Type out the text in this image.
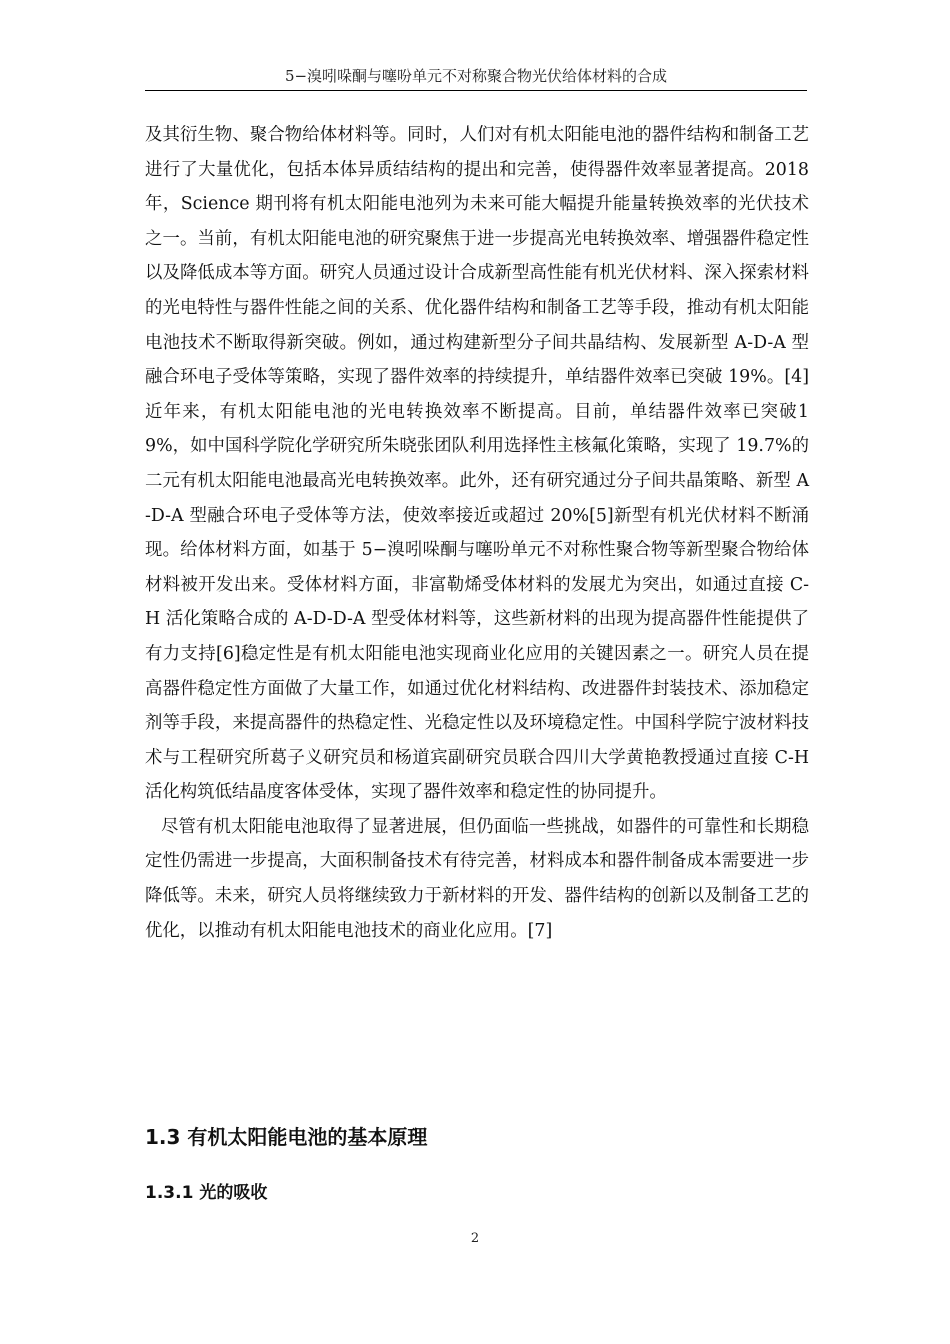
5−溴吲哚酮与噻吩单元不对称聚合物光伏给体材料的合成

及其衍生物、聚合物给体材料等。同时，人们对有机太阳能电池的器件结构和制备工艺进行了大量优化，包括本体异质结结构的提出和完善，使得器件效率显著提高。2018 年，Science 期刊将有机太阳能电池列为未来可能大幅提升能量转换效率的光伏技术之一。当前，有机太阳能电池的研究聚焦于进一步提高光电转换效率、增强器件稳定性以及降低成本等方面。研究人员通过设计合成新型高性能有机光伏材料、深入探索材料的光电特性与器件性能之间的关系、优化器件结构和制备工艺等手段，推动有机太阳能电池技术不断取得新突破。例如，通过构建新型分子间共晶结构、发展新型 A-D-A 型融合环电子受体等策略，实现了器件效率的持续提升，单结器件效率已突破 19%。[4]近年来，有机太阳能电池的光电转换效率不断提高。目前，单结器件效率已突破19%，如中国科学院化学研究所朱晓张团队利用选择性主核氟化策略，实现了 19.7%的二元有机太阳能电池最高光电转换效率。此外，还有研究通过分子间共晶策略、新型 A-D-A 型融合环电子受体等方法，使效率接近或超过 20%[5]新型有机光伏材料不断涌现。给体材料方面，如基于 5−溴吲哚酮与噻吩单元不对称性聚合物等新型聚合物给体材料被开发出来。受体材料方面，非富勒烯受体材料的发展尤为突出，如通过直接 C-H 活化策略合成的 A-D-D-A 型受体材料等，这些新材料的出现为提高器件性能提供了有力支持[6]稳定性是有机太阳能电池实现商业化应用的关键因素之一。研究人员在提高器件稳定性方面做了大量工作，如通过优化材料结构、改进器件封装技术、添加稳定剂等手段，来提高器件的热稳定性、光稳定性以及环境稳定性。中国科学院宁波材料技术与工程研究所葛子义研究员和杨道宾副研究员联合四川大学黄艳教授通过直接 C-H 活化构筑低结晶度客体受体，实现了器件效率和稳定性的协同提升。

尽管有机太阳能电池取得了显著进展，但仍面临一些挑战，如器件的可靠性和长期稳定性仍需进一步提高，大面积制备技术有待完善，材料成本和器件制备成本需要进一步降低等。未来，研究人员将继续致力于新材料的开发、器件结构的创新以及制备工艺的优化，以推动有机太阳能电池技术的商业化应用。[7]

1.3 有机太阳能电池的基本原理
1.3.1 光的吸收
2
